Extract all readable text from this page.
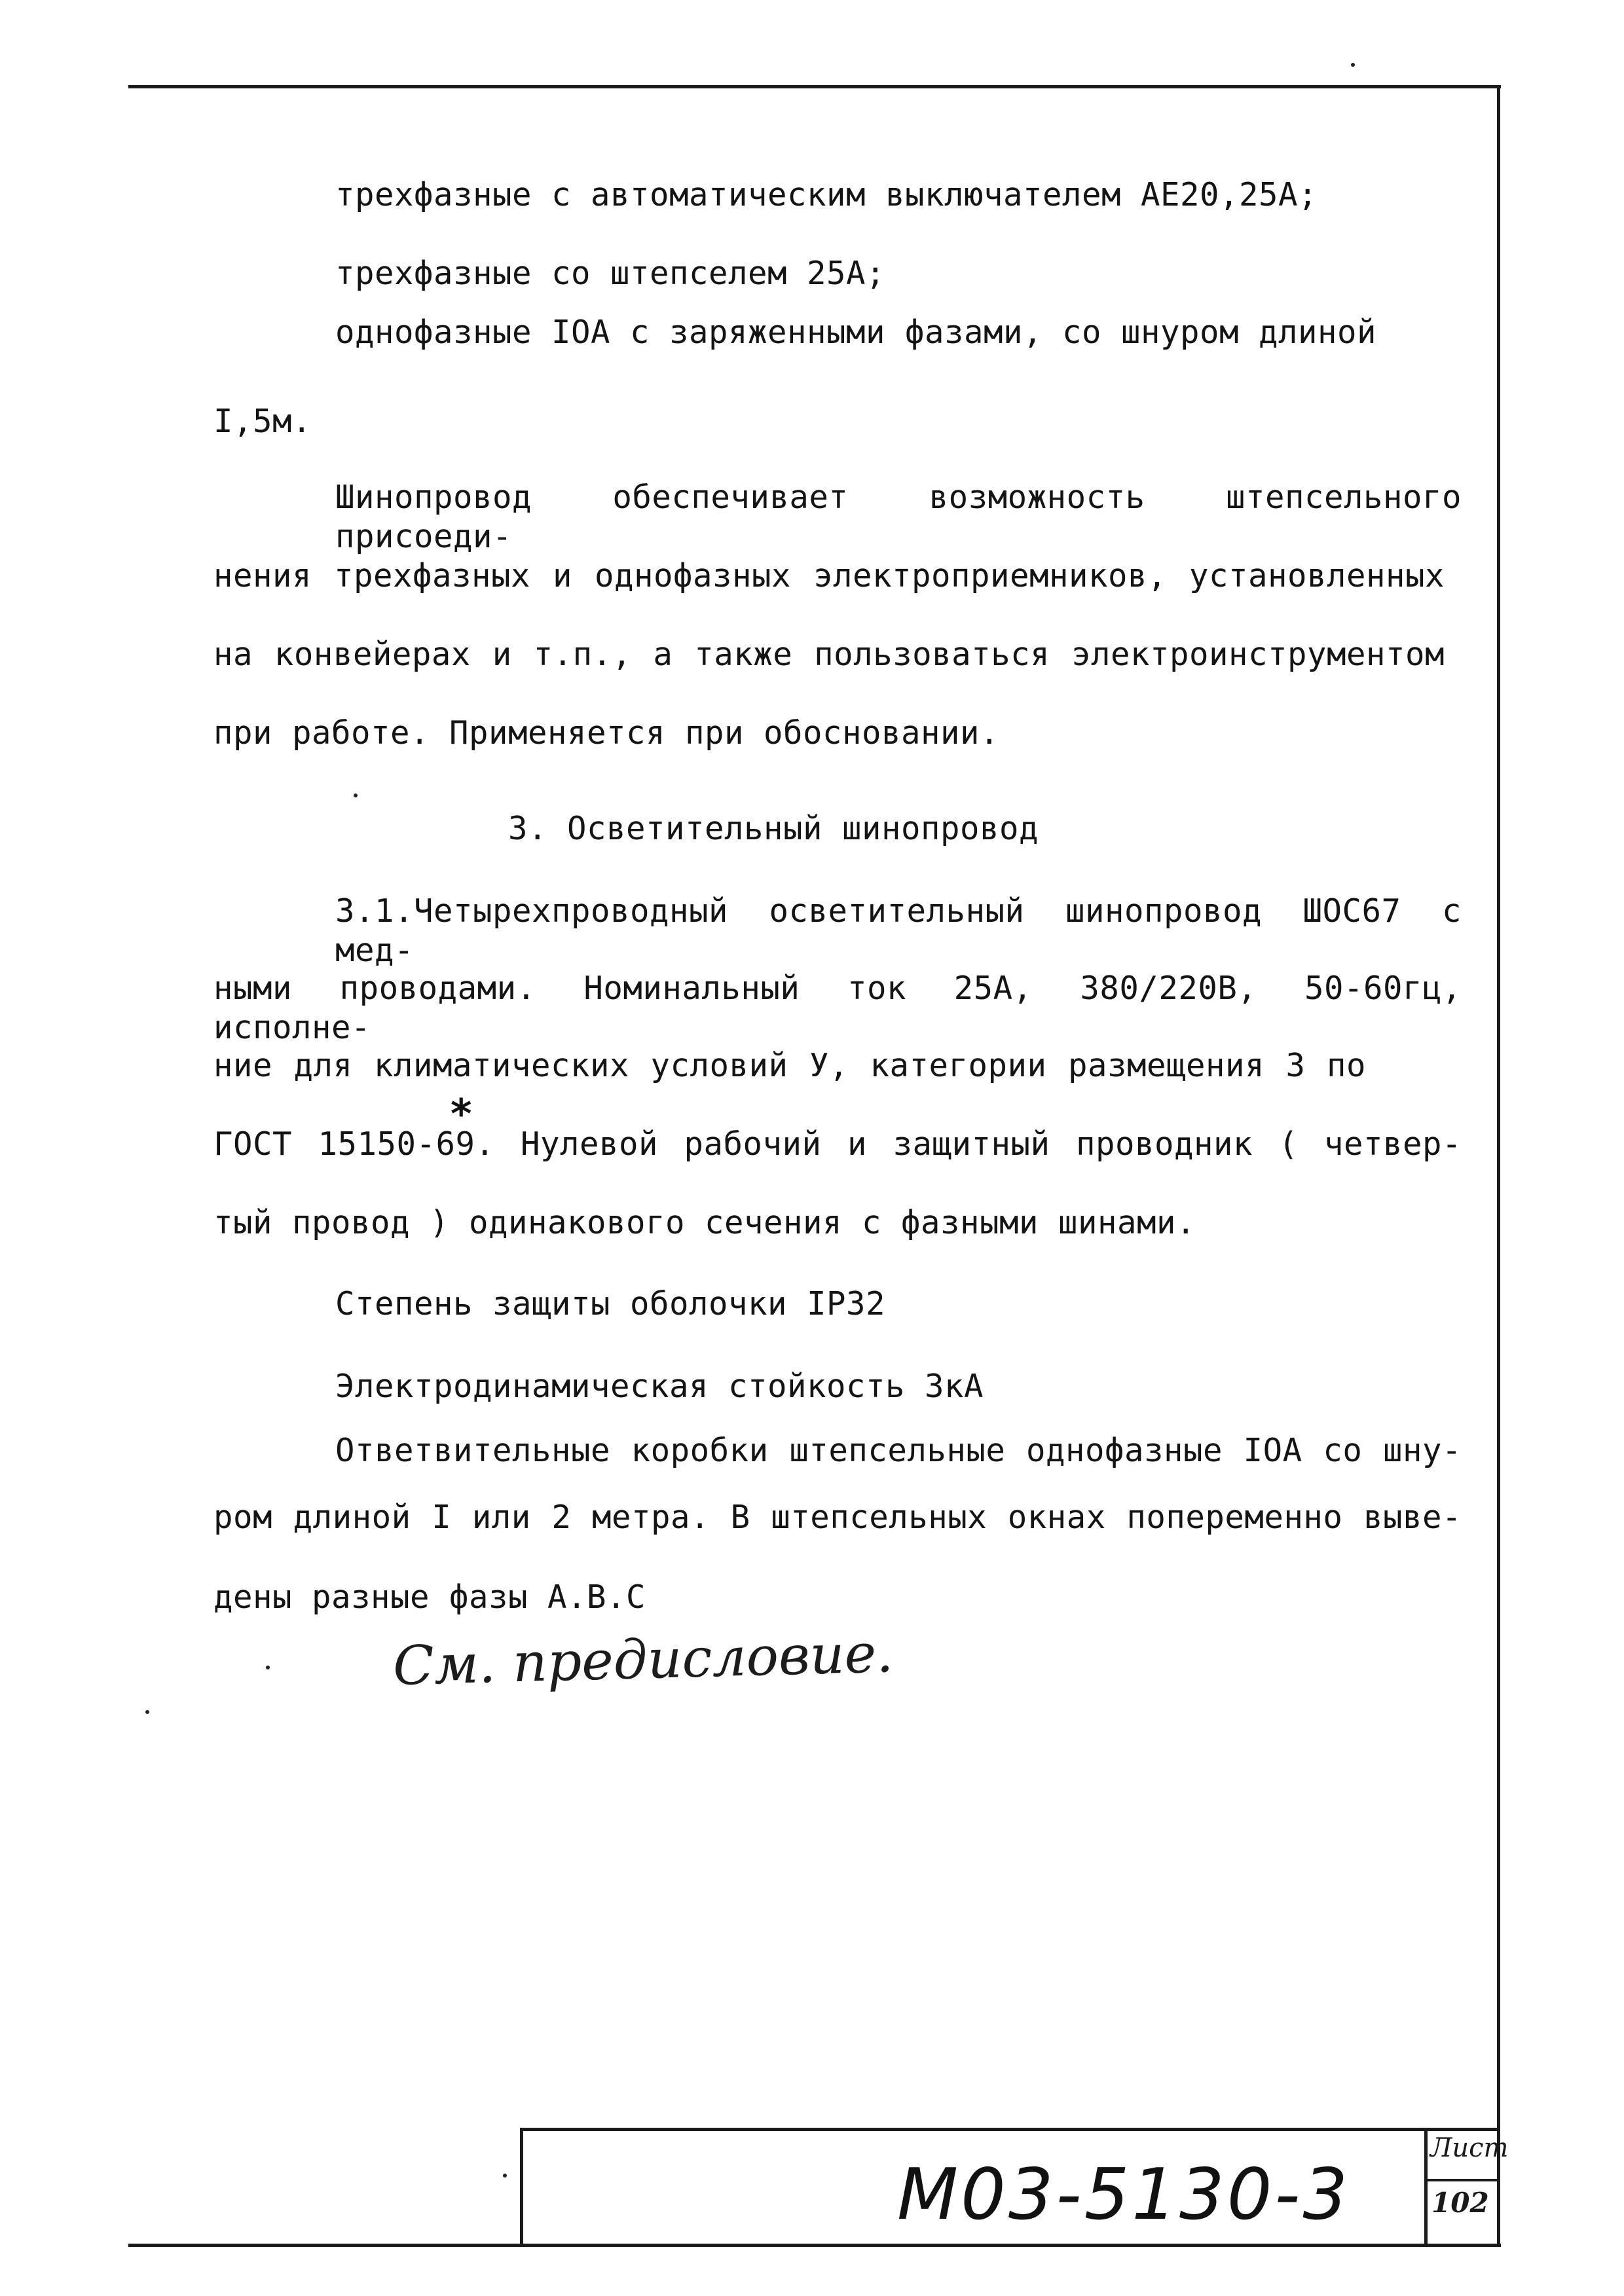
трехфазные с автоматическим выключателем АЕ20,25А;
трехфазные со штепселем 25А;
однофазные IOA с заряженными фазами, со шнуром длиной
I,5м.
Шинопровод обеспечивает возможность штепсельного присоеди-
нения трехфазных и однофазных электроприемников, установленных
на конвейерах и т.п., а также пользоваться электроинструментом
при работе. Применяется при обосновании.
3. Осветительный шинопровод
3.1.Четырехпроводный осветительный шинопровод ШОС67 с мед-
ными проводами. Номинальный ток 25А, 380/220В, 50-60гц, исполне-
ние для климатических условий У, категории размещения 3 по
ГОСТ 15150-69. Нулевой рабочий и защитный проводник ( четвер-
тый провод ) одинакового сечения с фазными шинами.
*
Степень защиты оболочки IP32
Электродинамическая стойкость 3кА
Ответвительные коробки штепсельные однофазные IOA со шну-
ром длиной I или 2 метра. В штепсельных окнах попеременно выве-
дены разные фазы А.В.С
См. предисловие.
М03-5130-3
Лист
102
